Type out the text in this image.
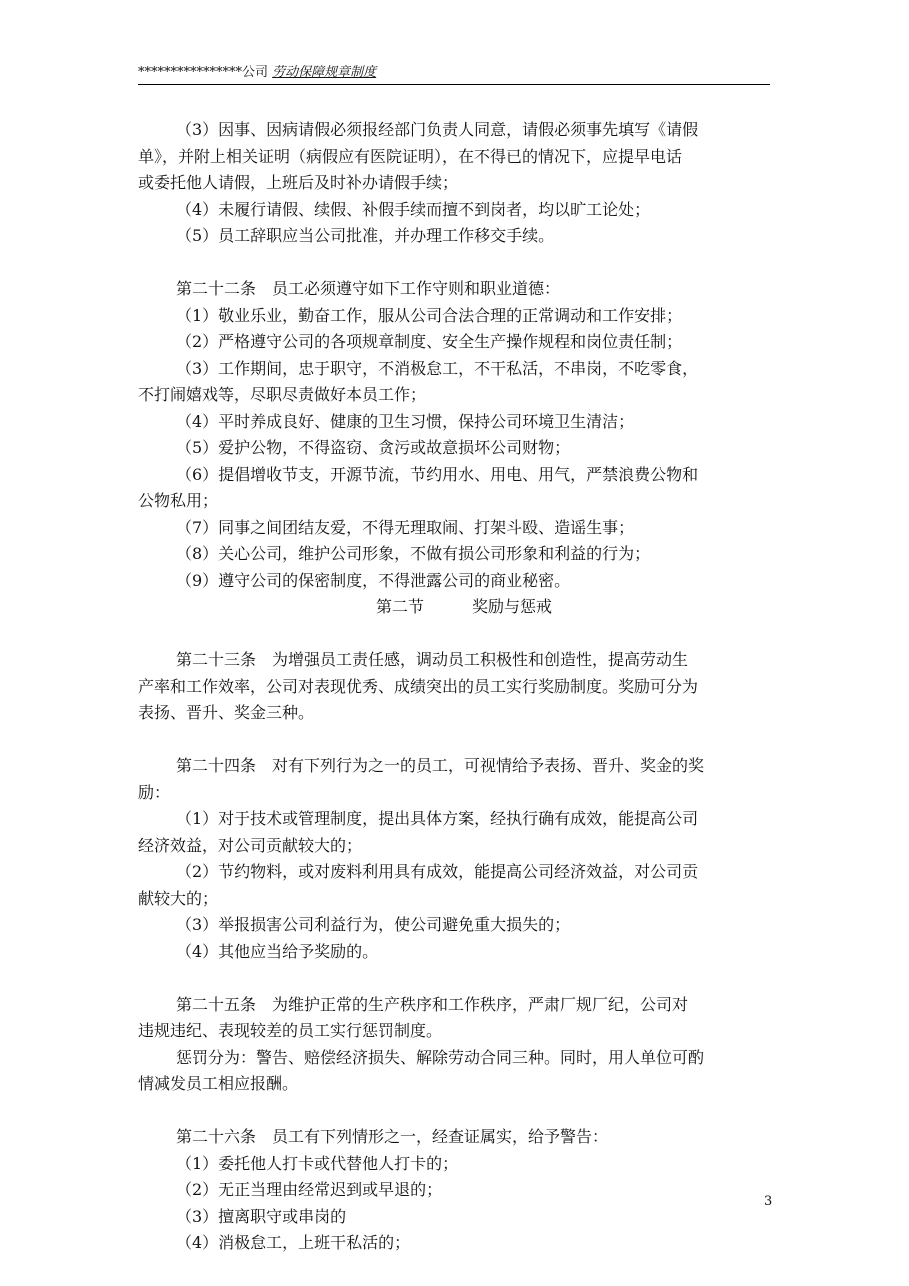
****************公司 劳动保障规章制度
（3）因事、因病请假必须报经部门负责人同意，请假必须事先填写《请假
单》，并附上相关证明（病假应有医院证明），在不得已的情况下，应提早电话
或委托他人请假，上班后及时补办请假手续；
（4）未履行请假、续假、补假手续而擅不到岗者，均以旷工论处；
（5）员工辞职应当公司批准，并办理工作移交手续。
第二十二条　员工必须遵守如下工作守则和职业道德：
（1）敬业乐业，勤奋工作，服从公司合法合理的正常调动和工作安排；
（2）严格遵守公司的各项规章制度、安全生产操作规程和岗位责任制；
（3）工作期间，忠于职守，不消极怠工，不干私活，不串岗，不吃零食，
不打闹嬉戏等，尽职尽责做好本员工作；
（4）平时养成良好、健康的卫生习惯，保持公司环境卫生清洁；
（5）爱护公物，不得盗窃、贪污或故意损坏公司财物；
（6）提倡增收节支，开源节流，节约用水、用电、用气，严禁浪费公物和
公物私用；
（7）同事之间团结友爱，不得无理取闹、打架斗殴、造谣生事；
（8）关心公司，维护公司形象，不做有损公司形象和利益的行为；
（9）遵守公司的保密制度，不得泄露公司的商业秘密。
第二节　　　奖励与惩戒
第二十三条　为增强员工责任感，调动员工积极性和创造性，提高劳动生
产率和工作效率，公司对表现优秀、成绩突出的员工实行奖励制度。奖励可分为
表扬、晋升、奖金三种。
第二十四条　对有下列行为之一的员工，可视情给予表扬、晋升、奖金的奖
励：
（1）对于技术或管理制度，提出具体方案，经执行确有成效，能提高公司
经济效益，对公司贡献较大的；
（2）节约物料，或对废料利用具有成效，能提高公司经济效益，对公司贡
献较大的；
（3）举报损害公司利益行为，使公司避免重大损失的；
（4）其他应当给予奖励的。
第二十五条　为维护正常的生产秩序和工作秩序，严肃厂规厂纪，公司对
违规违纪、表现较差的员工实行惩罚制度。
惩罚分为：警告、赔偿经济损失、解除劳动合同三种。同时，用人单位可酌
情减发员工相应报酬。
第二十六条　员工有下列情形之一，经查证属实，给予警告：
（1）委托他人打卡或代替他人打卡的；
（2）无正当理由经常迟到或早退的；
（3）擅离职守或串岗的
（4）消极怠工，上班干私活的；
3
